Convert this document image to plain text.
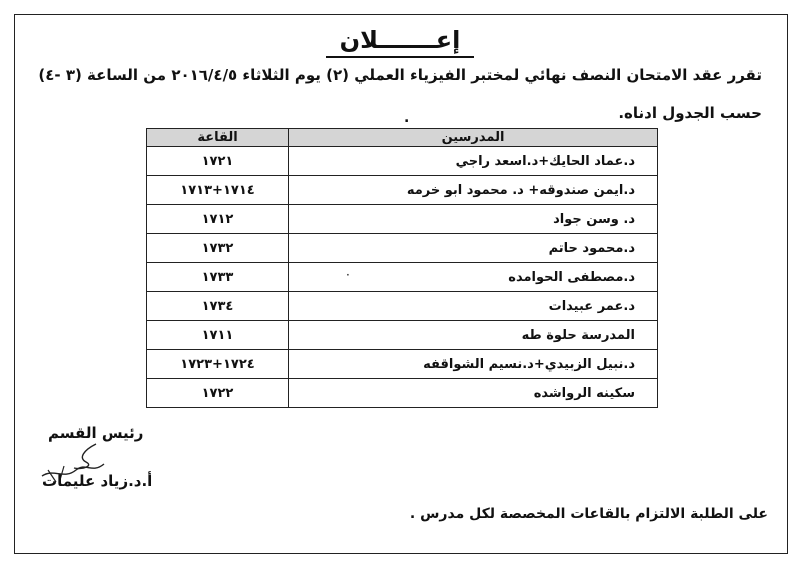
إعـــــــلان
تقرر عقد الامتحان النصف نهائي لمختبر الفيزياء العملي (٢) يوم الثلاثاء ٢٠١٦/٤/٥ من الساعة (٣ -٤)
حسب الجدول ادناه.
.
المدرسين	القاعة
د.عماد الحايك+د.اسعد راجي	١٧٢١
د.ايمن صندوقه+ د. محمود ابو خرمه	١٧١٤+١٧١٣
د. وسن جواد	١٧١٢
د.محمود حاتم	١٧٣٢
د.مصطفى الحوامده	١٧٣٣
د.عمر عبيدات	١٧٣٤
المدرسة حلوة طه	١٧١١
د.نبيل الزبيدي+د.نسيم الشواقفه	١٧٢٤+١٧٢٣
سكينه الرواشده	١٧٢٢
·
رئيس القسم
أ.د.زياد عليمات
على الطلبة الالتزام بالقاعات المخصصة لكل مدرس .
